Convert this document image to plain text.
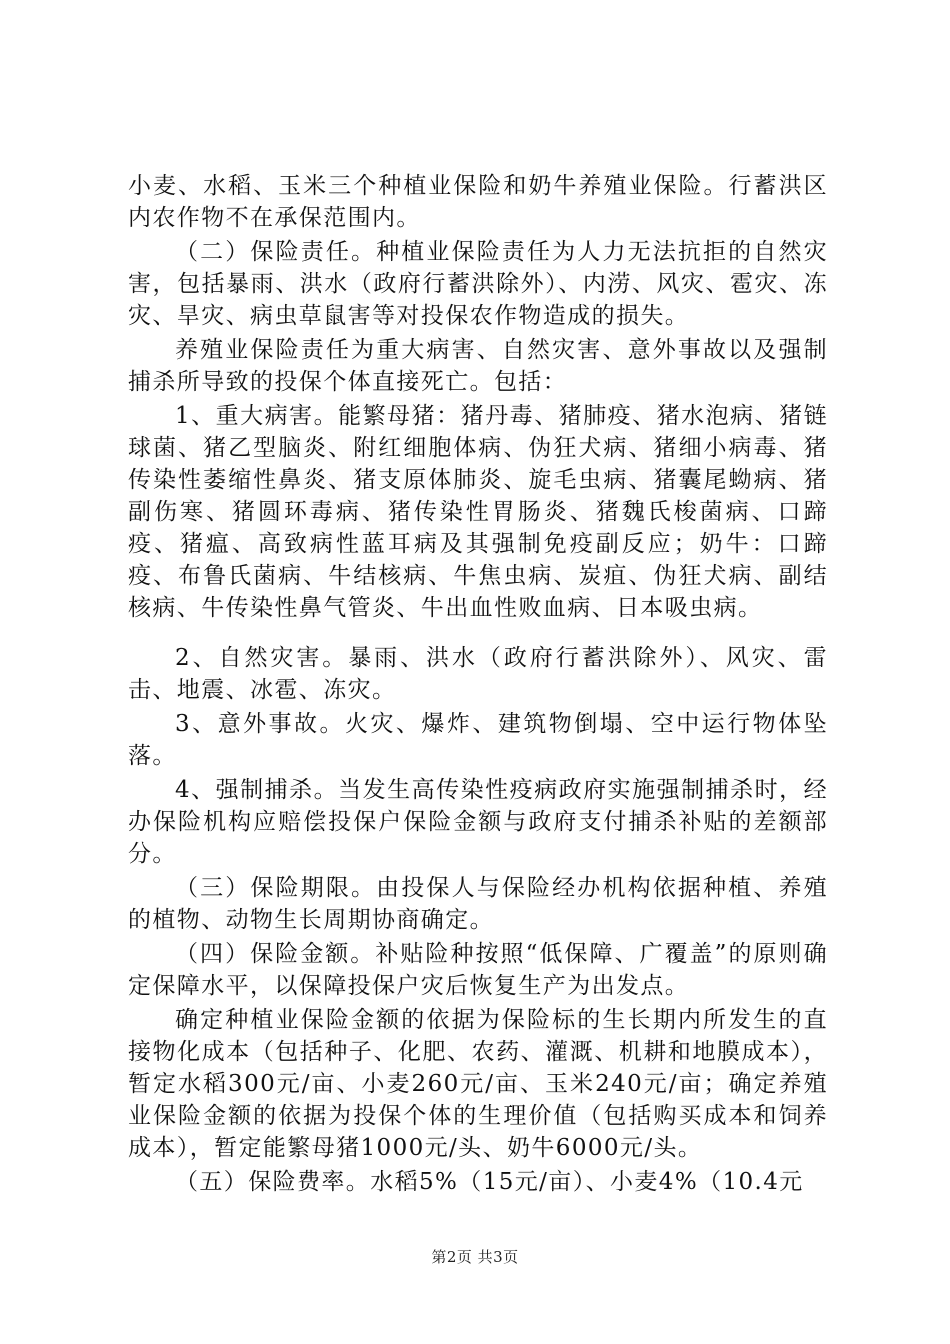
小麦、水稻、玉米三个种植业保险和奶牛养殖业保险。行蓄洪区内农作物不在承保范围内。

（二）保险责任。种植业保险责任为人力无法抗拒的自然灾害，包括暴雨、洪水（政府行蓄洪除外）、内涝、风灾、雹灾、冻灾、旱灾、病虫草鼠害等对投保农作物造成的损失。

养殖业保险责任为重大病害、自然灾害、意外事故以及强制捕杀所导致的投保个体直接死亡。包括：

1、重大病害。能繁母猪：猪丹毒、猪肺疫、猪水泡病、猪链球菌、猪乙型脑炎、附红细胞体病、伪狂犬病、猪细小病毒、猪传染性萎缩性鼻炎、猪支原体肺炎、旋毛虫病、猪囊尾蚴病、猪副伤寒、猪圆环毒病、猪传染性胃肠炎、猪魏氏梭菌病、口蹄疫、猪瘟、高致病性蓝耳病及其强制免疫副反应；奶牛：口蹄疫、布鲁氏菌病、牛结核病、牛焦虫病、炭疽、伪狂犬病、副结核病、牛传染性鼻气管炎、牛出血性败血病、日本吸虫病。

2、自然灾害。暴雨、洪水（政府行蓄洪除外）、风灾、雷击、地震、冰雹、冻灾。

3、意外事故。火灾、爆炸、建筑物倒塌、空中运行物体坠落。

4、强制捕杀。当发生高传染性疫病政府实施强制捕杀时，经办保险机构应赔偿投保户保险金额与政府支付捕杀补贴的差额部分。

（三）保险期限。由投保人与保险经办机构依据种植、养殖的植物、动物生长周期协商确定。

（四）保险金额。补贴险种按照“低保障、广覆盖”的原则确定保障水平，以保障投保户灾后恢复生产为出发点。

确定种植业保险金额的依据为保险标的生长期内所发生的直接物化成本（包括种子、化肥、农药、灌溉、机耕和地膜成本），暂定水稻300元/亩、小麦260元/亩、玉米240元/亩；确定养殖业保险金额的依据为投保个体的生理价值（包括购买成本和饲养成本），暂定能繁母猪1000元/头、奶牛6000元/头。

（五）保险费率。水稻5%（15元/亩）、小麦4%（10.4元

第2页 共3页
